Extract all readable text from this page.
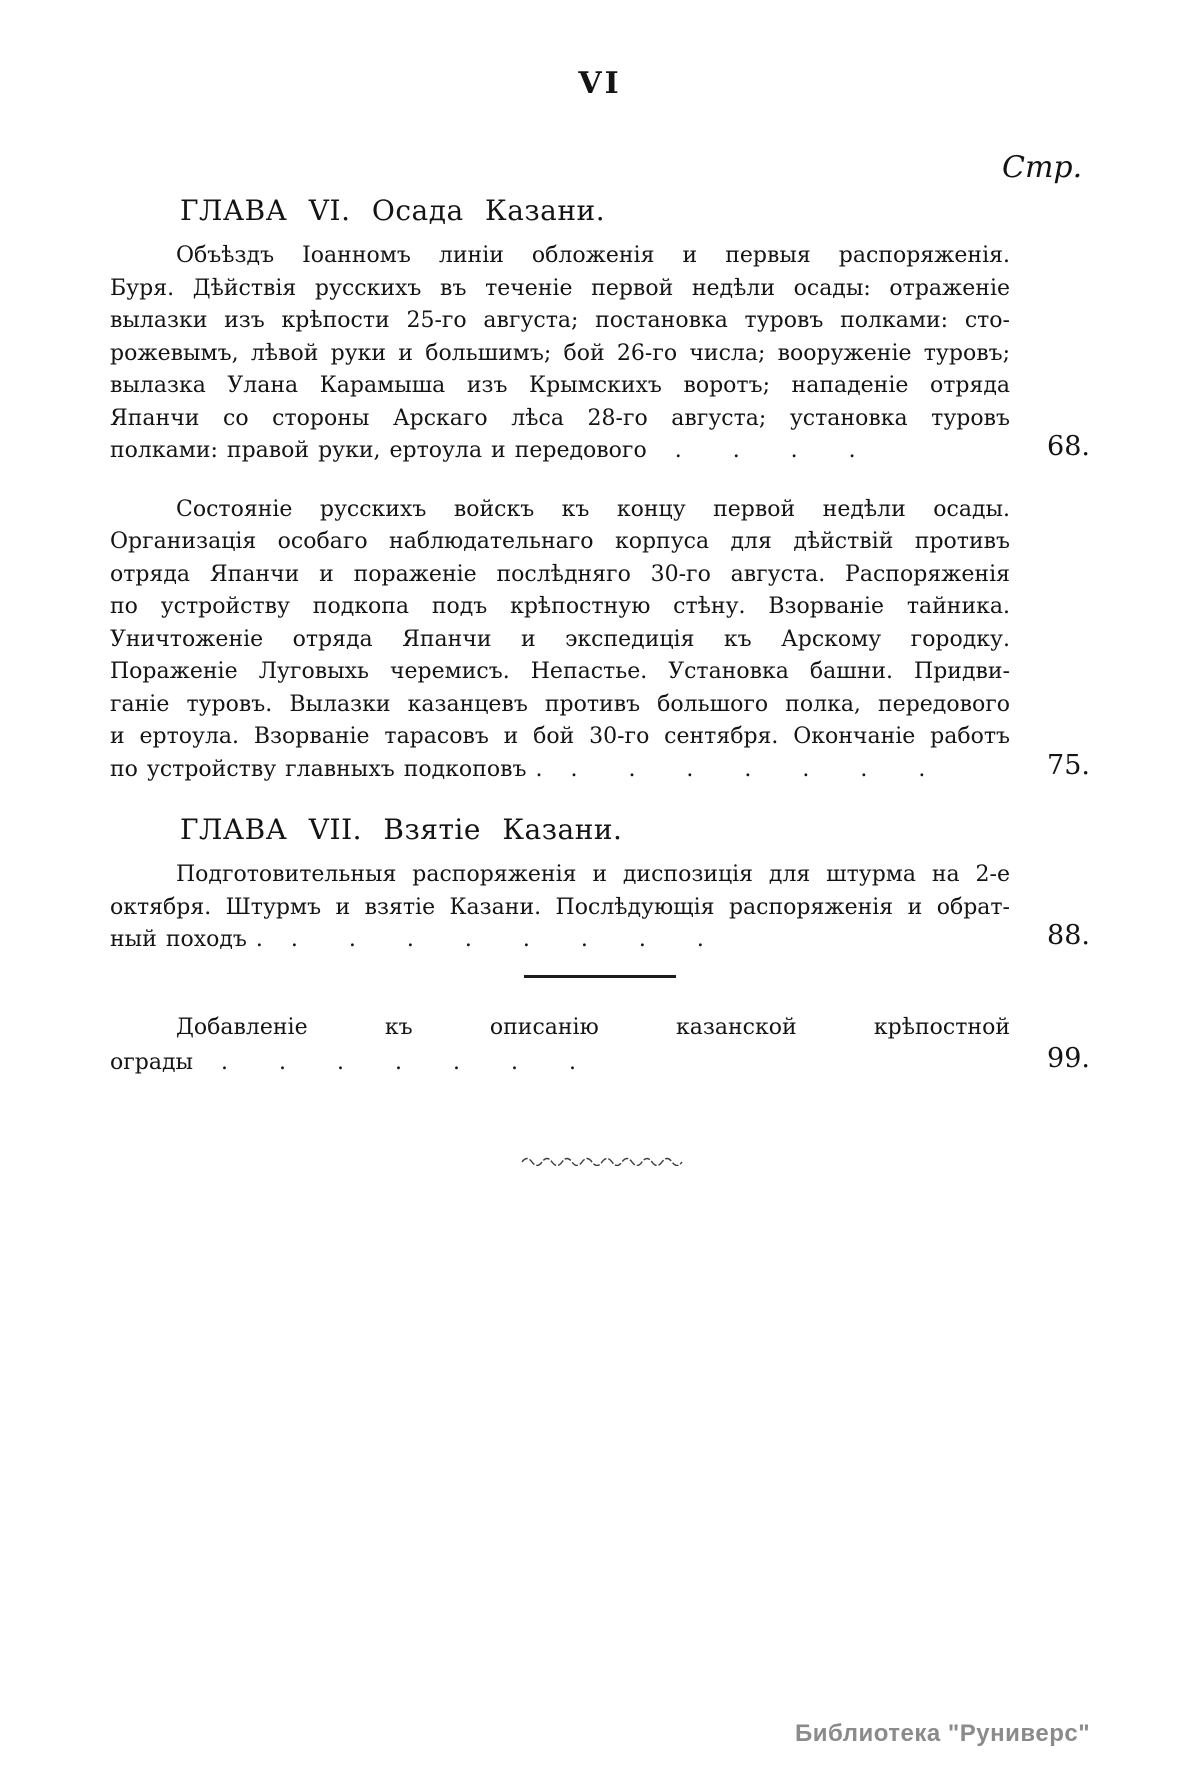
VI
Стр.
ГЛАВА VI. Осада Казани.
Объѣздъ Іоанномъ линіи обложенія и первыя распоряженія.
Буря. Дѣйствія русскихъ въ теченіе первой недѣли осады: отраженіе
вылазки изъ крѣпости 25-го августа; постановка туровъ полками: сто-
рожевымъ, лѣвой руки и большимъ; бой 26-го числа; вооруженіе туровъ;
вылазка Улана Карамыша изъ Крымскихъ воротъ; нападеніе отряда
Япанчи со стороны Арскаго лѣса 28-го августа; установка туровъ
полками: правой руки, ертоула и передового . . . .	68.
Состояніе русскихъ войскъ къ концу первой недѣли осады.
Организація особаго наблюдательнаго корпуса для дѣйствій противъ
отряда Япанчи и пораженіе послѣдняго 30-го августа. Распоряженія
по устройству подкопа подъ крѣпостную стѣну. Взорваніе тайника.
Уничтоженіе отряда Япанчи и экспедиція къ Арскому городку.
Пораженіе Луговыхь черемисъ. Непастье. Установка башни. Придви-
ганіе туровъ. Вылазки казанцевъ противъ большого полка, передового
и ертоула. Взорваніе тарасовъ и бой 30-го сентября. Окончаніе работъ
по устройству главныхъ подкоповъ . . . . . . . .	75.
ГЛАВА VII. Взятіе Казани.
Подготовительныя распоряженія и диспозиція для штурма на 2-е
октября. Штурмъ и взятіе Казани. Послѣдующія распоряженія и обрат-
ный походъ . . . . . . . . .	88.
Добавленіе къ описанію казанской крѣпостной
ограды . . . . . . .	99.
Библиотека "Руниверс"
